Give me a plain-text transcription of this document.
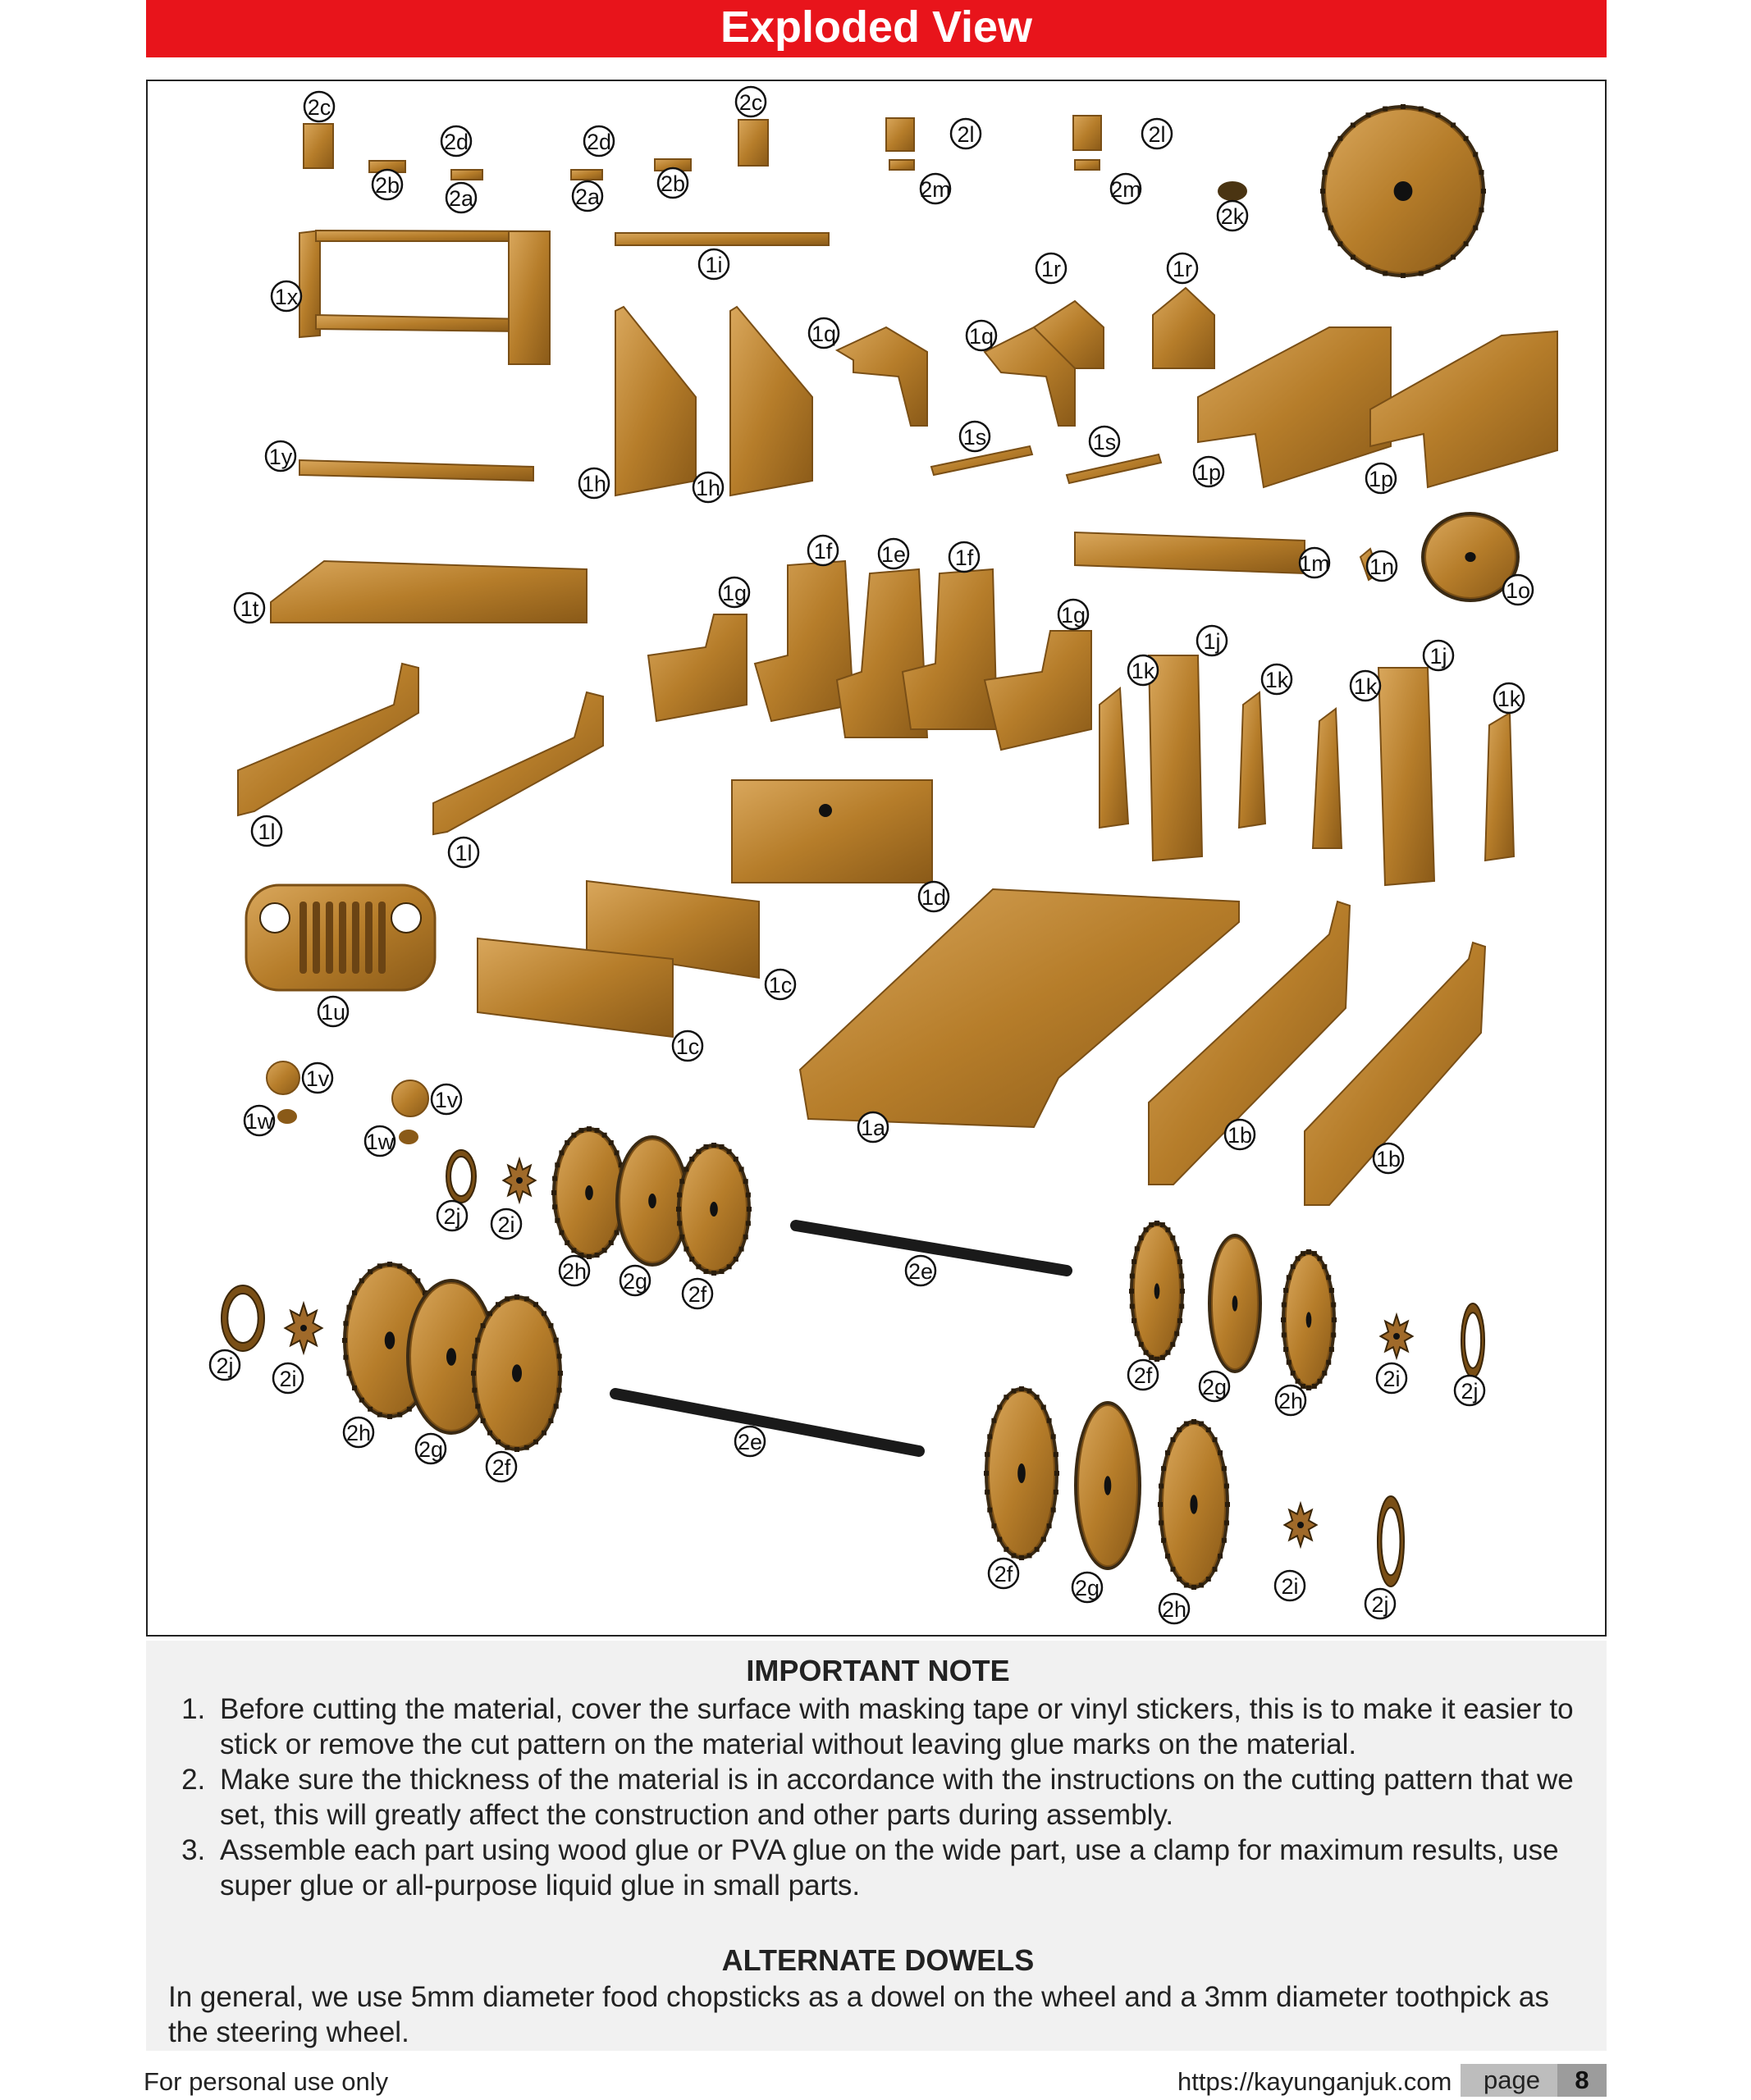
Exploded View
2c	2c
2b	2b
2d	2d
2a	2a
2l	2l
2m	2m
2k
1x
1i
1y
1h	1h
1q	1q
1r	1r
1s	1s
1p	1p
1t
1g
1f 1e 1f
1g
1m 1n
1o
1k
1j
1k	1k
1j
1k
1l
1l
1d
1u
1c
1c
1a	1b
1b
1v
1v
1w
1w
2j 2i
2h 2g
2f
2e
2j
2i
2h
2g
2f
2e
2f 2g
2h
2i	2j
2f
2g
2h
2i
2j
IMPORTANT NOTE
1. Before cutting the material, cover the surface with masking tape or vinyl stickers, this is to make it easier to stick or remove the cut pattern on the material without leaving glue marks on the material.
2. Make sure the thickness of the material is in accordance with the instructions on the cutting pattern that we set, this will greatly affect the construction and other parts during assembly.
3. Assemble each part using wood glue or PVA glue on the wide part, use a clamp for maximum results, use super glue or all-purpose liquid glue in small parts.
ALTERNATE DOWELS

In general, we use 5mm diameter food chopsticks as a dowel on the wheel and a 3mm diameter toothpick as the steering wheel.

For personal use only	https://kayunganjuk.com page	8
